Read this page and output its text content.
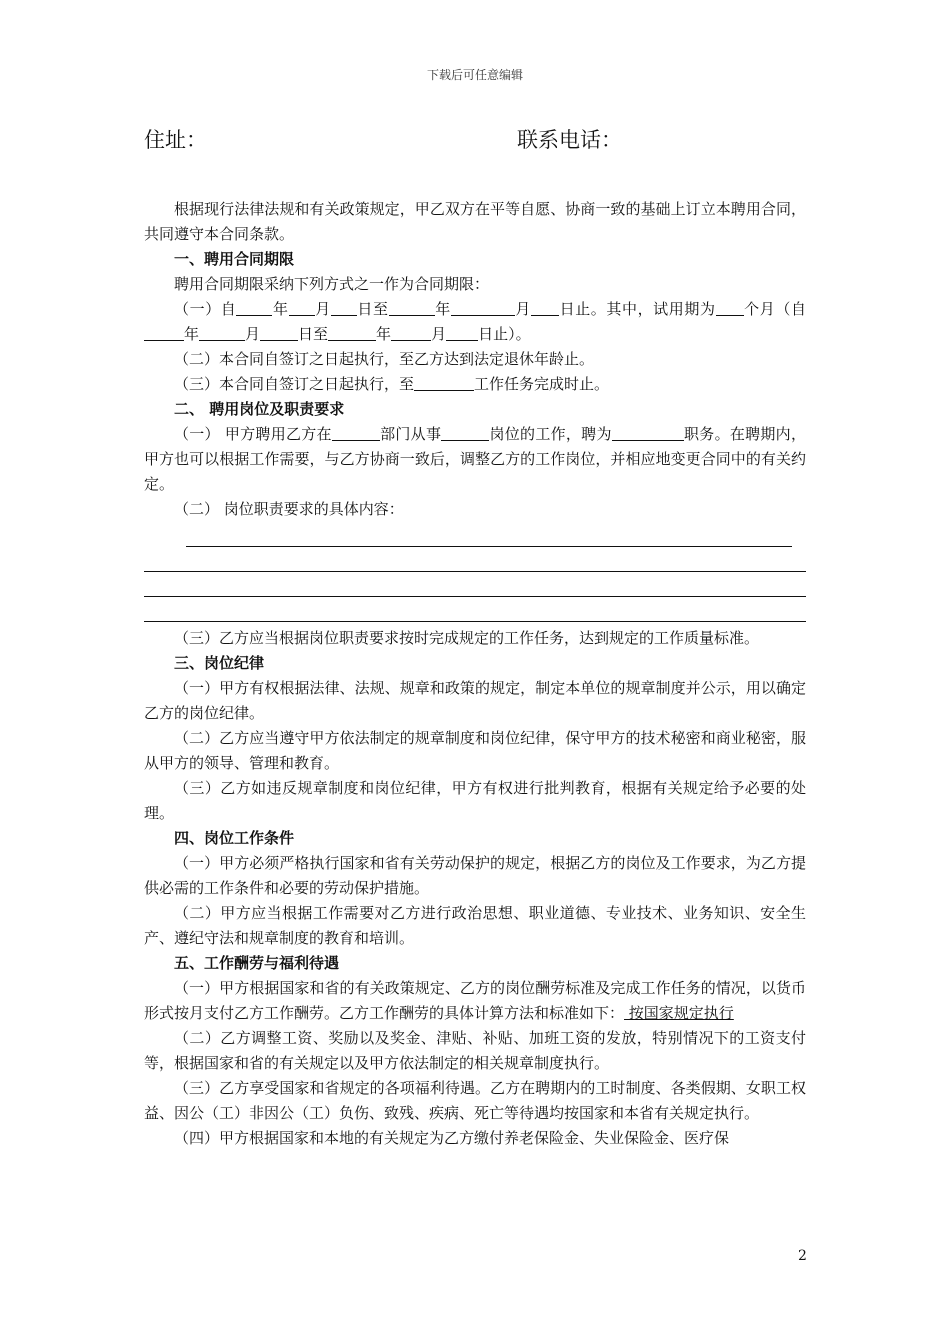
下载后可任意编辑
住址：	联系电话：

根据现行法律法规和有关政策规定，甲乙双方在平等自愿、协商一致的基础上订立本聘用合同，共同遵守本合同条款。

一、聘用合同期限

聘用合同期限采纳下列方式之一作为合同期限：

（一）自 年 月 日至	年	月 日止。其中，试用期为 个月（自年	月	日至	年	月 日止）。

（二）本合同自签订之日起执行，至乙方达到法定退休年龄止。

（三）本合同自签订之日起执行，至	工作任务完成时止。

二、 聘用岗位及职责要求

（一） 甲方聘用乙方在	部门从事	岗位的工作，聘为	职务。在聘期内，甲方也可以根据工作需要，与乙方协商一致后，调整乙方的工作岗位，并相应地变更合同中的有关约定。

（二） 岗位职责要求的具体内容：

（三）乙方应当根据岗位职责要求按时完成规定的工作任务，达到规定的工作质量标准。

三、岗位纪律

（一）甲方有权根据法律、法规、规章和政策的规定，制定本单位的规章制度并公示，用以确定乙方的岗位纪律。

（二）乙方应当遵守甲方依法制定的规章制度和岗位纪律，保守甲方的技术秘密和商业秘密，服从甲方的领导、管理和教育。

（三）乙方如违反规章制度和岗位纪律，甲方有权进行批判教育，根据有关规定给予必要的处理。

四、岗位工作条件

（一）甲方必须严格执行国家和省有关劳动保护的规定，根据乙方的岗位及工作要求，为乙方提供必需的工作条件和必要的劳动保护措施。

（二）甲方应当根据工作需要对乙方进行政治思想、职业道德、专业技术、业务知识、安全生产、遵纪守法和规章制度的教育和培训。

五、工作酬劳与福利待遇

（一）甲方根据国家和省的有关政策规定、乙方的岗位酬劳标准及完成工作任务的情况，以货币形式按月支付乙方工作酬劳。乙方工作酬劳的具体计算方法和标准如下： 按国家规定执行

（二）乙方调整工资、奖励以及奖金、津贴、补贴、加班工资的发放，特别情况下的工资支付等，根据国家和省的有关规定以及甲方依法制定的相关规章制度执行。

（三）乙方享受国家和省规定的各项福利待遇。乙方在聘期内的工时制度、各类假期、女职工权益、因公（工）非因公（工）负伤、致残、疾病、死亡等待遇均按国家和本省有关规定执行。

（四）甲方根据国家和本地的有关规定为乙方缴付养老保险金、失业保险金、医疗保

2
